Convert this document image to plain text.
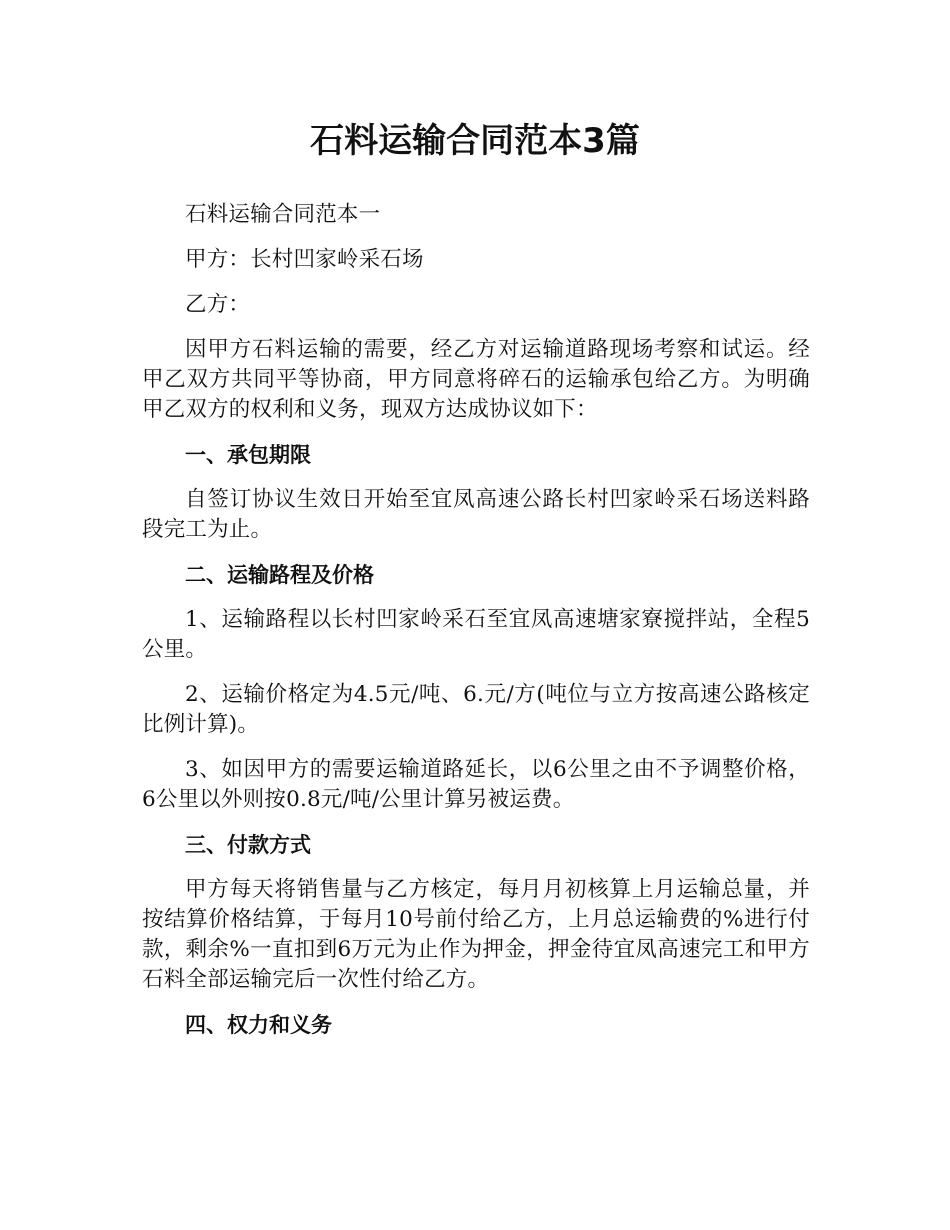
石料运输合同范本3篇

石料运输合同范本一

甲方：长村凹家岭采石场

乙方：

因甲方石料运输的需要，经乙方对运输道路现场考察和试运。经甲乙双方共同平等协商，甲方同意将碎石的运输承包给乙方。为明确甲乙双方的权利和义务，现双方达成协议如下：

一、承包期限

自签订协议生效日开始至宜凤高速公路长村凹家岭采石场送料路段完工为止。

二、运输路程及价格

1、运输路程以长村凹家岭采石至宜凤高速塘家寮搅拌站，全程5公里。

2、运输价格定为4.5元/吨、6.元/方(吨位与立方按高速公路核定比例计算)。

3、如因甲方的需要运输道路延长，以6公里之由不予调整价格，6公里以外则按0.8元/吨/公里计算另被运费。

三、付款方式

甲方每天将销售量与乙方核定，每月月初核算上月运输总量，并按结算价格结算，于每月10号前付给乙方，上月总运输费的%进行付款，剩余%一直扣到6万元为止作为押金，押金待宜凤高速完工和甲方石料全部运输完后一次性付给乙方。

四、权力和义务
